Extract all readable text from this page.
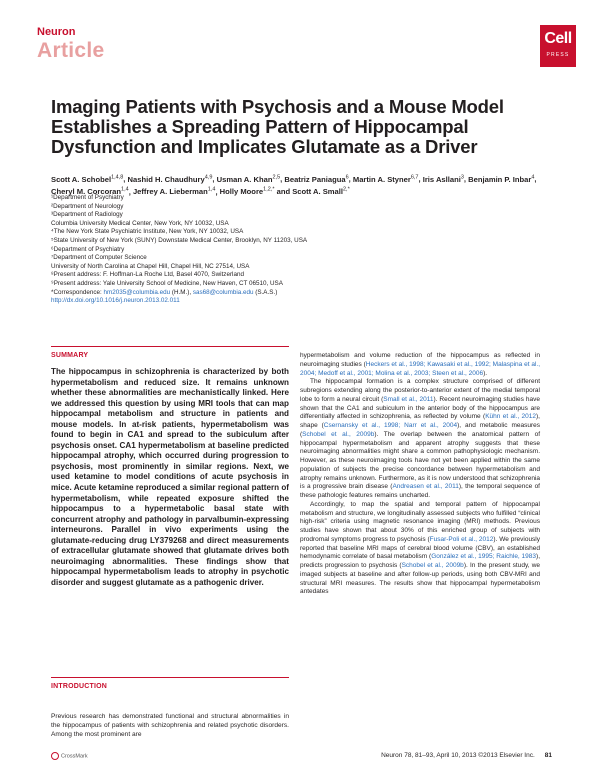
Neuron
Article
Cell
PRESS
Imaging Patients with Psychosis and a Mouse Model Establishes a Spreading Pattern of Hippocampal Dysfunction and Implicates Glutamate as a Driver
Scott A. Schobel$^{1,4,8}$, Nashid H. Chaudhury$^{4,9}$, Usman A. Khan$^{2,5}$, Beatriz Paniagua$^6$, Martin A. Styner$^{6,7}$, Iris Asllani$^3$, Benjamin P. Inbar$^4$, Cheryl M. Corcoran$^{1,4}$, Jeffrey A. Lieberman$^{1,4}$, Holly Moore$^{1,2,*}$ and Scott A. Small$^{2,*}$
¹Department of Psychiatry
²Department of Neurology
³Department of Radiology
Columbia University Medical Center, New York, NY 10032, USA
⁴The New York State Psychiatric Institute, New York, NY 10032, USA
⁵State University of New York (SUNY) Downstate Medical Center, Brooklyn, NY 11203, USA
⁶Department of Psychiatry
⁷Department of Computer Science
University of North Carolina at Chapel Hill, Chapel Hill, NC 27514, USA
⁸Present address: F. Hoffman-La Roche Ltd, Basel 4070, Switzerland
⁹Present address: Yale University School of Medicine, New Haven, CT 06510, USA
*Correspondence: hm2035@columbia.edu (H.M.), sas68@columbia.edu (S.A.S.)
http://dx.doi.org/10.1016/j.neuron.2013.02.011
SUMMARY
The hippocampus in schizophrenia is characterized by both hypermetabolism and reduced size. It remains unknown whether these abnormalities are mechanistically linked. Here we addressed this question by using MRI tools that can map hippocampal metabolism and structure in patients and mouse models. In at-risk patients, hypermetabolism was found to begin in CA1 and spread to the subiculum after psychosis onset. CA1 hypermetabolism at baseline predicted hippocampal atrophy, which occurred during progression to psychosis, most prominently in similar regions. Next, we used ketamine to model conditions of acute psychosis in mice. Acute ketamine reproduced a similar regional pattern of hypermetabolism, while repeated exposure shifted the hippocampus to a hypermetabolic basal state with concurrent atrophy and pathology in parvalbumin-expressing interneurons. Parallel in vivo experiments using the glutamate-reducing drug LY379268 and direct measurements of extracellular glutamate showed that glutamate drives both neuroimaging abnormalities. These findings show that hippocampal hypermetabolism leads to atrophy in psychotic disorder and suggest glutamate as a pathogenic driver.
INTRODUCTION
Previous research has demonstrated functional and structural abnormalities in the hippocampus of patients with schizophrenia and related psychotic disorders. Among the most prominent are

hypermetabolism and volume reduction of the hippocampus as reflected in neuroimaging studies (Heckers et al., 1998; Kawasaki et al., 1992; Malaspina et al., 2004; Medoff et al., 2001; Molina et al., 2003; Steen et al., 2006).

The hippocampal formation is a complex structure comprised of different subregions extending along the posterior-to-anterior extent of the medial temporal lobe to form a neural circuit (Small et al., 2011). Recent neuroimaging studies have shown that the CA1 and subiculum in the anterior body of the hippocampus are differentially affected in schizophrenia, as reflected by volume (Kühn et al., 2012), shape (Csernansky et al., 1998; Narr et al., 2004), and metabolic measures (Schobel et al., 2009b). The overlap between the anatomical pattern of hippocampal hypermetabolism and apparent atrophy suggests that these neuroimaging abnormalities might share a common pathophysiologic mechanism. However, as these neuroimaging tools have not yet been applied within the same population of subjects the precise concordance between hypermetabolism and atrophy remains unknown. Furthermore, as it is now understood that schizophrenia is a progressive brain disease (Andreasen et al., 2011), the temporal sequence of these pathologic features remains uncharted.

Accordingly, to map the spatial and temporal pattern of hippocampal metabolism and structure, we longitudinally assessed subjects who fulfilled “clinical high-risk” criteria using magnetic resonance imaging (MRI) methods. Previous studies have shown that about 30% of this enriched group of subjects with prodromal symptoms progress to psychosis (Fusar-Poli et al., 2012). We previously reported that baseline MRI maps of cerebral blood volume (CBV), an established hemodynamic correlate of basal metabolism (González et al., 1995; Raichle, 1983), predicts progression to psychosis (Schobel et al., 2009b). In the present study, we imaged subjects at baseline and after follow-up periods, using both CBV-MRI and structural MRI measures. The results show that hippocampal hypermetabolism antedates

CrossMark	Neuron 78, 81–93, April 10, 2013 ©2013 Elsevier Inc. 81
